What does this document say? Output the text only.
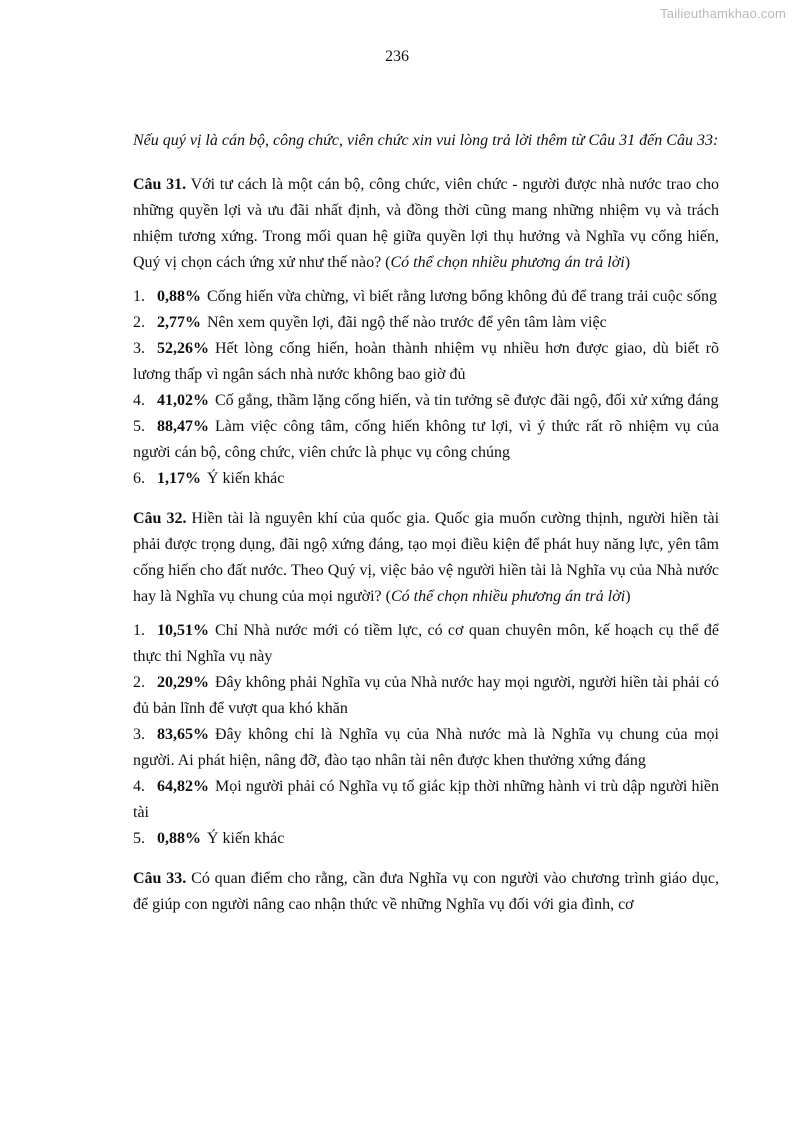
Tailieuthamkhao.com
236

Nếu quý vị là cán bộ, công chức, viên chức xin vui lòng trả lời thêm từ Câu 31 đến Câu 33:

Câu 31. Với tư cách là một cán bộ, công chức, viên chức - người được nhà nước trao cho những quyền lợi và ưu đãi nhất định, và đồng thời cũng mang những nhiệm vụ và trách nhiệm tương xứng. Trong mối quan hệ giữa quyền lợi thụ hưởng và Nghĩa vụ cống hiến, Quý vị chọn cách ứng xử như thế nào? (Có thể chọn nhiều phương án trả lời)

1. 0,88% Cống hiến vừa chừng, vì biết rằng lương bổng không đủ để trang trải cuộc sống
2. 2,77% Nên xem quyền lợi, đãi ngộ thế nào trước để yên tâm làm việc
3. 52,26% Hết lòng cống hiến, hoàn thành nhiệm vụ nhiều hơn được giao, dù biết rõ lương thấp vì ngân sách nhà nước không bao giờ đủ
4. 41,02% Cố gắng, thầm lặng cống hiến, và tin tưởng sẽ được đãi ngộ, đối xử xứng đáng
5. 88,47% Làm việc công tâm, cống hiến không tư lợi, vì ý thức rất rõ nhiệm vụ của người cán bộ, công chức, viên chức là phục vụ công chúng
6. 1,17% Ý kiến khác

Câu 32. Hiền tài là nguyên khí của quốc gia. Quốc gia muốn cường thịnh, người hiền tài phải được trọng dụng, đãi ngộ xứng đáng, tạo mọi điều kiện để phát huy năng lực, yên tâm cống hiến cho đất nước. Theo Quý vị, việc bảo vệ người hiền tài là Nghĩa vụ của Nhà nước hay là Nghĩa vụ chung của mọi người? (Có thể chọn nhiều phương án trả lời)

1. 10,51% Chỉ Nhà nước mới có tiềm lực, có cơ quan chuyên môn, kế hoạch cụ thể để thực thi Nghĩa vụ này
2. 20,29% Đây không phải Nghĩa vụ của Nhà nước hay mọi người, người hiền tài phải có đủ bản lĩnh để vượt qua khó khăn
3. 83,65% Đây không chỉ là Nghĩa vụ của Nhà nước mà là Nghĩa vụ chung của mọi người. Ai phát hiện, nâng đỡ, đào tạo nhân tài nên được khen thưởng xứng đáng
4. 64,82% Mọi người phải có Nghĩa vụ tố giác kịp thời những hành vi trù dập người hiền tài
5. 0,88% Ý kiến khác

Câu 33. Có quan điểm cho rằng, cần đưa Nghĩa vụ con người vào chương trình giáo dục, để giúp con người nâng cao nhận thức về những Nghĩa vụ đối với gia đình, cơ
